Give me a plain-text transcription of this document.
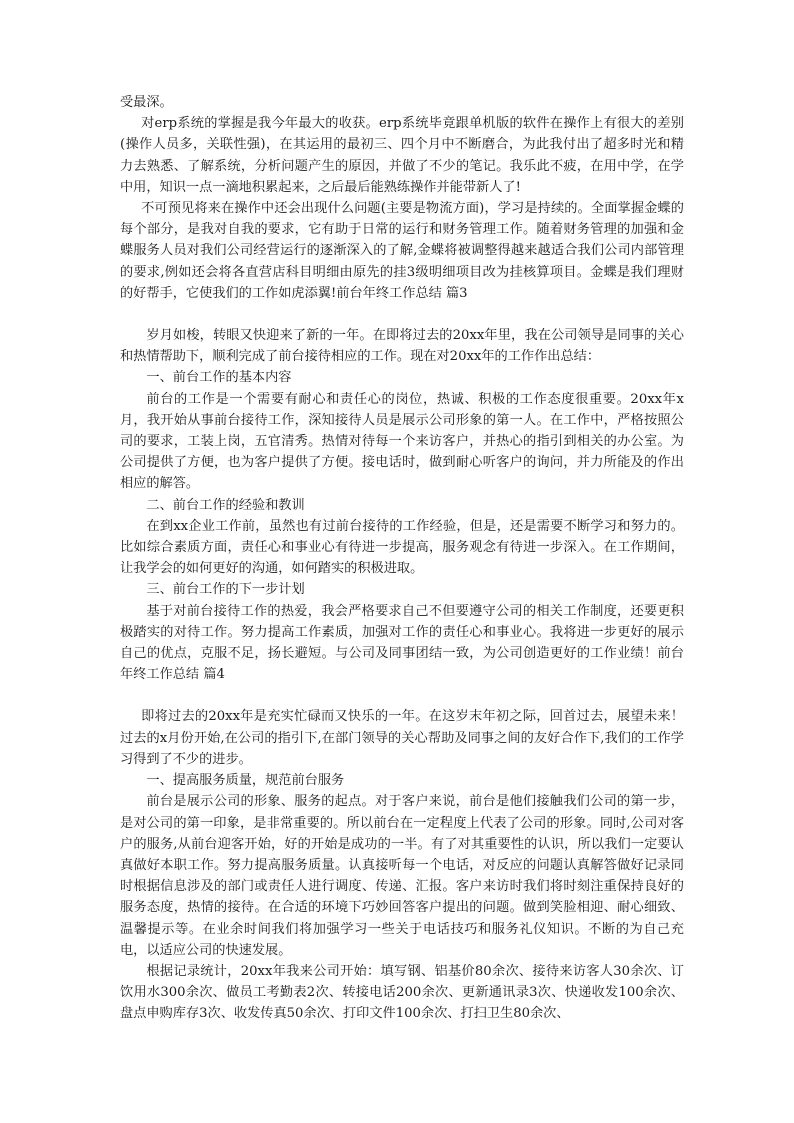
受最深。

对erp系统的掌握是我今年最大的收获。erp系统毕竟跟单机版的软件在操作上有很大的差别(操作人员多，关联性强)，在其运用的最初三、四个月中不断磨合，为此我付出了超多时光和精力去熟悉、了解系统，分析问题产生的原因，并做了不少的笔记。我乐此不疲，在用中学，在学中用，知识一点一滴地积累起来，之后最后能熟练操作并能带新人了!

不可预见将来在操作中还会出现什么问题(主要是物流方面)，学习是持续的。全面掌握金蝶的每个部分，是我对自我的要求，它有助于日常的运行和财务管理工作。随着财务管理的加强和金蝶服务人员对我们公司经营运行的逐渐深入的了解,金蝶将被调整得越来越适合我们公司内部管理的要求,例如还会将各直营店科目明细由原先的挂3级明细项目改为挂核算项目。金蝶是我们理财的好帮手，它使我们的工作如虎添翼!前台年终工作总结 篇3

岁月如梭，转眼又快迎来了新的一年。在即将过去的20xx年里，我在公司领导是同事的关心和热情帮助下，顺利完成了前台接待相应的工作。现在对20xx年的工作作出总结：

一、前台工作的基本内容

前台的工作是一个需要有耐心和责任心的岗位，热诚、积极的工作态度很重要。20xx年x月，我开始从事前台接待工作，深知接待人员是展示公司形象的第一人。在工作中，严格按照公司的要求，工装上岗，五官清秀。热情对待每一个来访客户，并热心的指引到相关的办公室。为公司提供了方便，也为客户提供了方便。接电话时，做到耐心听客户的询问，并力所能及的作出相应的解答。

二、前台工作的经验和教训

在到xx企业工作前，虽然也有过前台接待的工作经验，但是，还是需要不断学习和努力的。比如综合素质方面，责任心和事业心有待进一步提高，服务观念有待进一步深入。在工作期间，让我学会的如何更好的沟通，如何踏实的积极进取。

三、前台工作的下一步计划

基于对前台接待工作的热爱，我会严格要求自己不但要遵守公司的相关工作制度，还要更积极踏实的对待工作。努力提高工作素质，加强对工作的责任心和事业心。我将进一步更好的展示自己的优点，克服不足，扬长避短。与公司及同事团结一致，为公司创造更好的工作业绩！前台年终工作总结 篇4

即将过去的20xx年是充实忙碌而又快乐的一年。在这岁末年初之际，回首过去，展望未来！过去的x月份开始,在公司的指引下,在部门领导的关心帮助及同事之间的友好合作下,我们的工作学习得到了不少的进步。

一、提高服务质量，规范前台服务

前台是展示公司的形象、服务的起点。对于客户来说，前台是他们接触我们公司的第一步，是对公司的第一印象，是非常重要的。所以前台在一定程度上代表了公司的形象。同时,公司对客户的服务,从前台迎客开始，好的开始是成功的一半。有了对其重要性的认识，所以我们一定要认真做好本职工作。努力提高服务质量。认真接听每一个电话，对反应的问题认真解答做好记录同时根据信息涉及的部门或责任人进行调度、传递、汇报。客户来访时我们将时刻注重保持良好的服务态度，热情的接待。在合适的环境下巧妙回答客户提出的问题。做到笑脸相迎、耐心细致、温馨提示等。在业余时间我们将加强学习一些关于电话技巧和服务礼仪知识。不断的为自己充电，以适应公司的快速发展。

根据记录统计，20xx年我来公司开始：填写钢、铝基价80余次、接待来访客人30余次、订饮用水300余次、做员工考勤表2次、转接电话200余次、更新通讯录3次、快递收发100余次、盘点申购库存3次、收发传真50余次、打印文件100余次、打扫卫生80余次、
